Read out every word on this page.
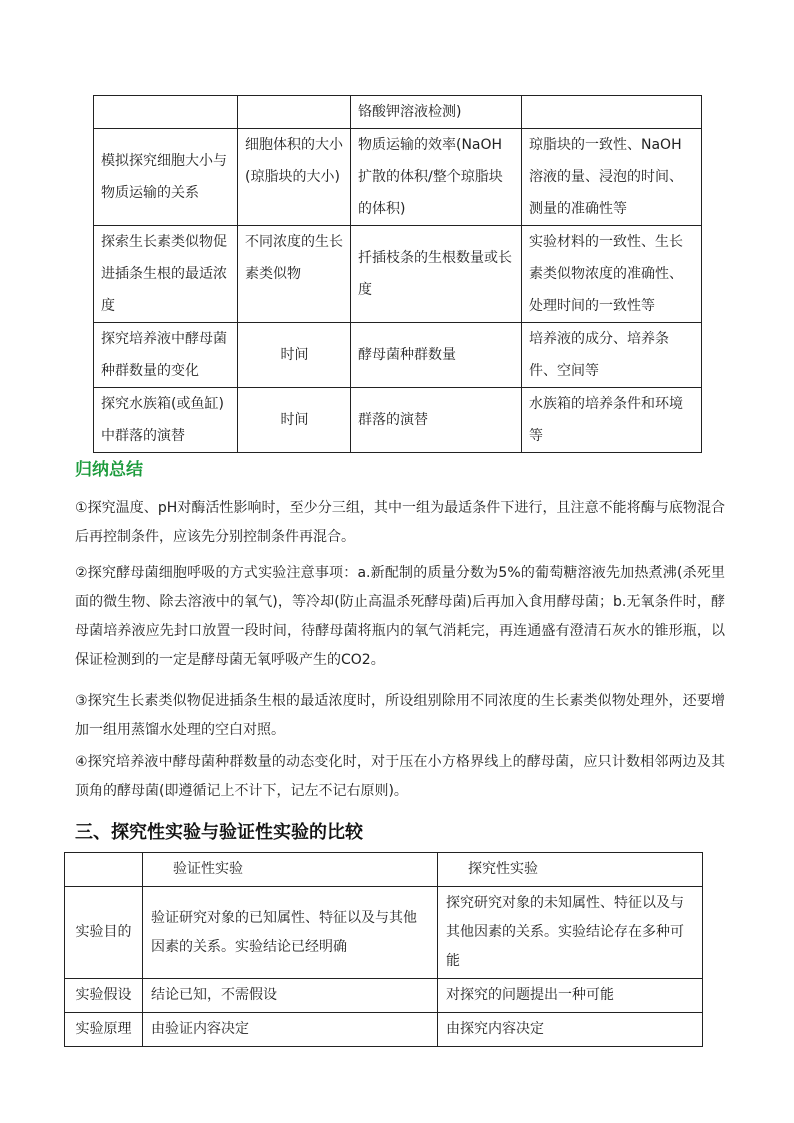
		铬酸钾溶液检测)	
模拟探究细胞大小与物质运输的关系	细胞体积的大小(琼脂块的大小)	物质运输的效率(NaOH扩散的体积/整个琼脂块的体积)	琼脂块的一致性、NaOH溶液的量、浸泡的时间、测量的准确性等
探索生长素类似物促进插条生根的最适浓度	不同浓度的生长素类似物	扦插枝条的生根数量或长度	实验材料的一致性、生长素类似物浓度的准确性、处理时间的一致性等
探究培养液中酵母菌种群数量的变化	时间	酵母菌种群数量	培养液的成分、培养条件、空间等
探究水族箱(或鱼缸)中群落的演替	时间	群落的演替	水族箱的培养条件和环境等
归纳总结
①探究温度、pH对酶活性影响时，至少分三组，其中一组为最适条件下进行，且注意不能将酶与底物混合后再控制条件，应该先分别控制条件再混合。
②探究酵母菌细胞呼吸的方式实验注意事项：a.新配制的质量分数为5%的葡萄糖溶液先加热煮沸(杀死里面的微生物、除去溶液中的氧气)，等冷却(防止高温杀死酵母菌)后再加入食用酵母菌；b.无氧条件时，酵母菌培养液应先封口放置一段时间，待酵母菌将瓶内的氧气消耗完，再连通盛有澄清石灰水的锥形瓶，以保证检测到的一定是酵母菌无氧呼吸产生的CO2。
③探究生长素类似物促进插条生根的最适浓度时，所设组别除用不同浓度的生长素类似物处理外，还要增加一组用蒸馏水处理的空白对照。
④探究培养液中酵母菌种群数量的动态变化时，对于压在小方格界线上的酵母菌，应只计数相邻两边及其顶角的酵母菌(即遵循记上不计下，记左不记右原则)。
三、探究性实验与验证性实验的比较
	验证性实验	探究性实验
实验目的	验证研究对象的已知属性、特征以及与其他因素的关系。实验结论已经明确	探究研究对象的未知属性、特征以及与其他因素的关系。实验结论存在多种可能
实验假设	结论已知，不需假设	对探究的问题提出一种可能
实验原理	由验证内容决定	由探究内容决定
